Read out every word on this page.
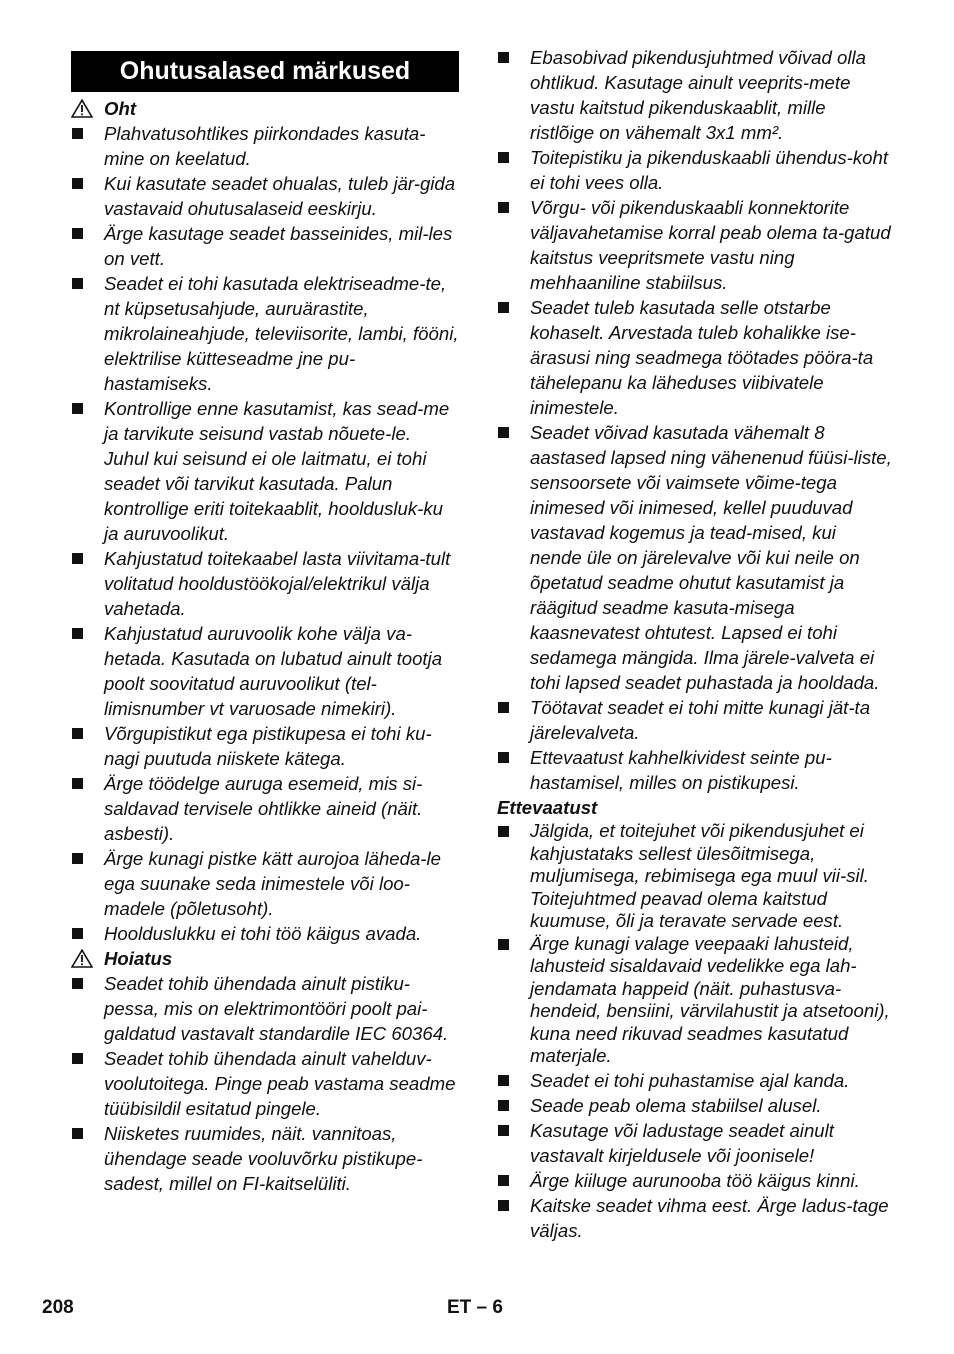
Ohutusalased märkused
Oht
Plahvatusohtlikes piirkondades kasuta-mine on keelatud.
Kui kasutate seadet ohualas, tuleb jär-gida vastavaid ohutusalaseid eeskirju.
Ärge kasutage seadet basseinides, mil-les on vett.
Seadet ei tohi kasutada elektriseadme-te, nt küpsetusahjude, auruärastite, mikrolaineahjude, televiisorite, lambi, fööni, elektrilise kütteseadme jne pu-hastamiseks.
Kontrollige enne kasutamist, kas sead-me ja tarvikute seisund vastab nõuete-le. Juhul kui seisund ei ole laitmatu, ei tohi seadet või tarvikut kasutada. Palun kontrollige eriti toitekaablit, hooldusluk-ku ja auruvoolikut.
Kahjustatud toitekaabel lasta viivitama-tult volitatud hooldustöökojal/elektrikul välja vahetada.
Kahjustatud auruvoolik kohe välja va-hetada. Kasutada on lubatud ainult tootja poolt soovitatud auruvoolikut (tel-limisnumber vt varuosade nimekiri).
Võrgupistikut ega pistikupesa ei tohi ku-nagi puutuda niiskete kätega.
Ärge töödelge auruga esemeid, mis si-saldavad tervisele ohtlikke aineid (näit. asbesti).
Ärge kunagi pistke kätt aurojoa läheda-le ega suunake seda inimestele või loo-madele (põletusoht).
Hoolduslukku ei tohi töö käigus avada.
Hoiatus
Seadet tohib ühendada ainult pistiku-pessa, mis on elektrimontööri poolt pai-galdatud vastavalt standardile IEC 60364.
Seadet tohib ühendada ainult vahelduv-voolutoitega. Pinge peab vastama seadme tüübisildil esitatud pingele.
Niisketes ruumides, näit. vannitoas, ühendage seade vooluvõrku pistikupe-sadest, millel on FI-kaitselüliti.
Ebasobivad pikendusjuhtmed võivad olla ohtlikud. Kasutage ainult veeprits-mete vastu kaitstud pikenduskaablit, mille ristlõige on vähemalt 3x1 mm².
Toitepistiku ja pikenduskaabli ühendus-koht ei tohi vees olla.
Võrgu- või pikenduskaabli konnektorite väljavahetamise korral peab olema ta-gatud kaitstus veepritsmete vastu ning mehhaaniline stabiilsus.
Seadet tuleb kasutada selle otstarbe kohaselt. Arvestada tuleb kohalikke ise-ärasusi ning seadmega töötades pööra-ta tähelepanu ka läheduses viibivatele inimestele.
Seadet võivad kasutada vähemalt 8 aastased lapsed ning vähenenud füüsi-liste, sensoorsete või vaimsete võime-tega inimesed või inimesed, kellel puuduvad vastavad kogemus ja tead-mised, kui nende üle on järelevalve või kui neile on õpetatud seadme ohutut kasutamist ja räägitud seadme kasuta-misega kaasnevatest ohtutest. Lapsed ei tohi sedamega mängida. Ilma järele-valveta ei tohi lapsed seadet puhastada ja hooldada.
Töötavat seadet ei tohi mitte kunagi jät-ta järelevalveta.
Ettevaatust kahhelkividest seinte pu-hastamisel, milles on pistikupesi.
Ettevaatust
Jälgida, et toitejuhet või pikendusjuhet ei kahjustataks sellest ülesõitmisega, muljumisega, rebimisega ega muul vii-sil. Toitejuhtmed peavad olema kaitstud kuumuse, õli ja teravate servade eest.
Ärge kunagi valage veepaaki lahusteid, lahusteid sisaldavaid vedelikke ega lah-jendamata happeid (näit. puhastusva-hendeid, bensiini, värvilahustit ja atsetooni), kuna need rikuvad seadmes kasutatud materjale.
Seadet ei tohi puhastamise ajal kanda.
Seade peab olema stabiilsel alusel.
Kasutage või ladustage seadet ainult vastavalt kirjeldusele või joonisele!
Ärge kiiluge aurunooba töö käigus kinni.
Kaitske seadet vihma eest. Ärge ladus-tage väljas.
208	ET – 6
